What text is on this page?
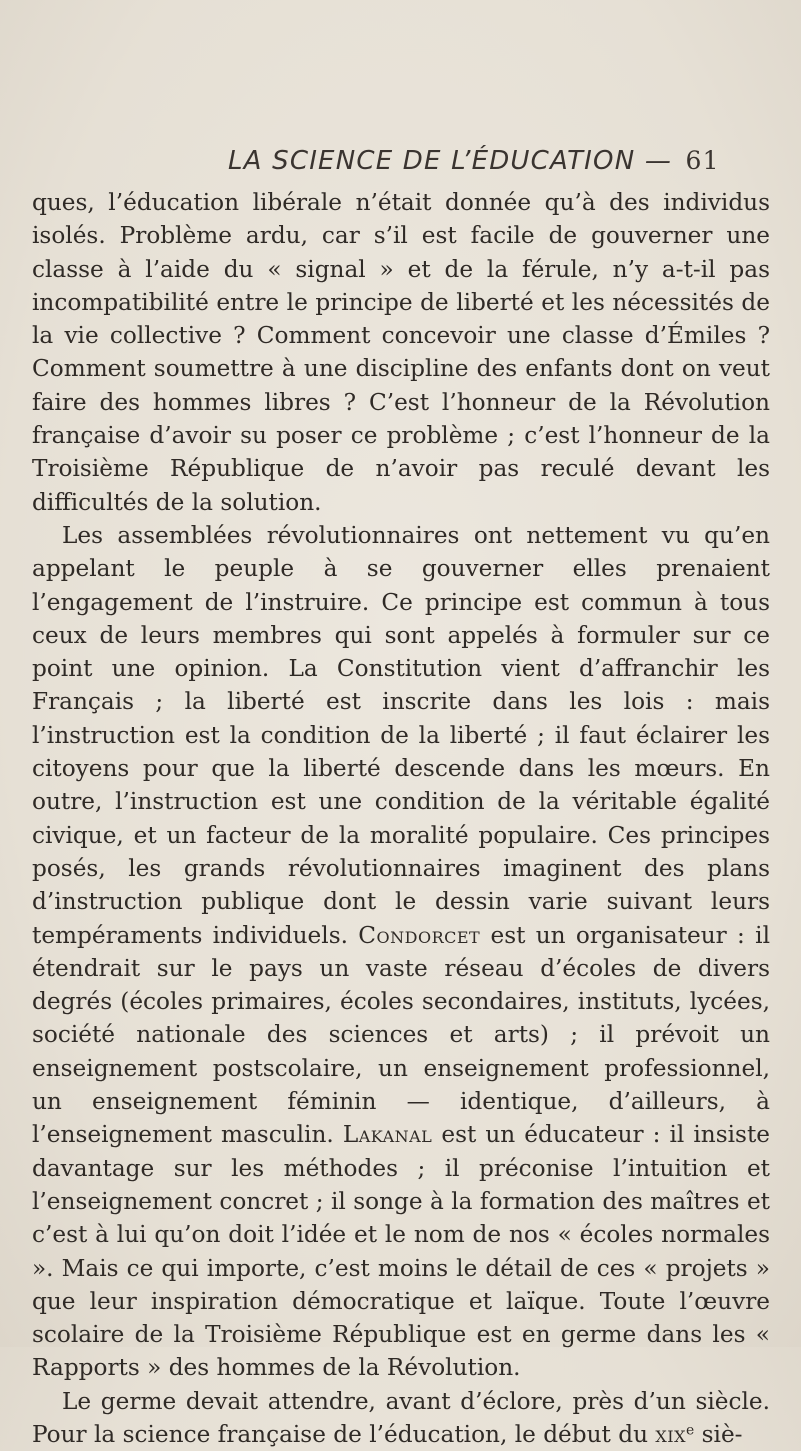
LA SCIENCE DE L’ÉDUCATION — 61

ques, l’éducation libérale n’était donnée qu’à des individus isolés. Problème ardu, car s’il est facile de gouverner une classe à l’aide du « signal » et de la férule, n’y a-t-il pas incompatibilité entre le principe de liberté et les nécessités de la vie collective ? Comment concevoir une classe d’Émiles ? Comment soumettre à une discipline des enfants dont on veut faire des hommes libres ? C’est l’honneur de la Révolution française d’avoir su poser ce problème ; c’est l’honneur de la Troisième République de n’avoir pas reculé devant les difficultés de la solution.

Les assemblées révolutionnaires ont nettement vu qu’en appelant le peuple à se gouverner elles prenaient l’engagement de l’instruire. Ce principe est commun à tous ceux de leurs membres qui sont appelés à formuler sur ce point une opinion. La Constitution vient d’affranchir les Français ; la liberté est inscrite dans les lois : mais l’instruction est la condition de la liberté ; il faut éclairer les citoyens pour que la liberté descende dans les mœurs. En outre, l’instruction est une condition de la véritable égalité civique, et un facteur de la moralité populaire. Ces principes posés, les grands révolutionnaires imaginent des plans d’instruction publique dont le dessin varie suivant leurs tempéraments individuels. Condorcet est un organisateur : il étendrait sur le pays un vaste réseau d’écoles de divers degrés (écoles primaires, écoles secondaires, instituts, lycées, société nationale des sciences et arts) ; il prévoit un enseignement postscolaire, un enseignement professionnel, un enseignement féminin — identique, d’ailleurs, à l’enseignement masculin. Lakanal est un éducateur : il insiste davantage sur les méthodes ; il préconise l’intuition et l’enseignement concret ; il songe à la formation des maîtres et c’est à lui qu’on doit l’idée et le nom de nos « écoles normales ». Mais ce qui importe, c’est moins le détail de ces « projets » que leur inspiration démocratique et laïque. Toute l’œuvre scolaire de la Troisième République est en germe dans les « Rapports » des hommes de la Révolution.

Le germe devait attendre, avant d’éclore, près d’un siècle. Pour la science française de l’éducation, le début du xix$^e$ siè-
